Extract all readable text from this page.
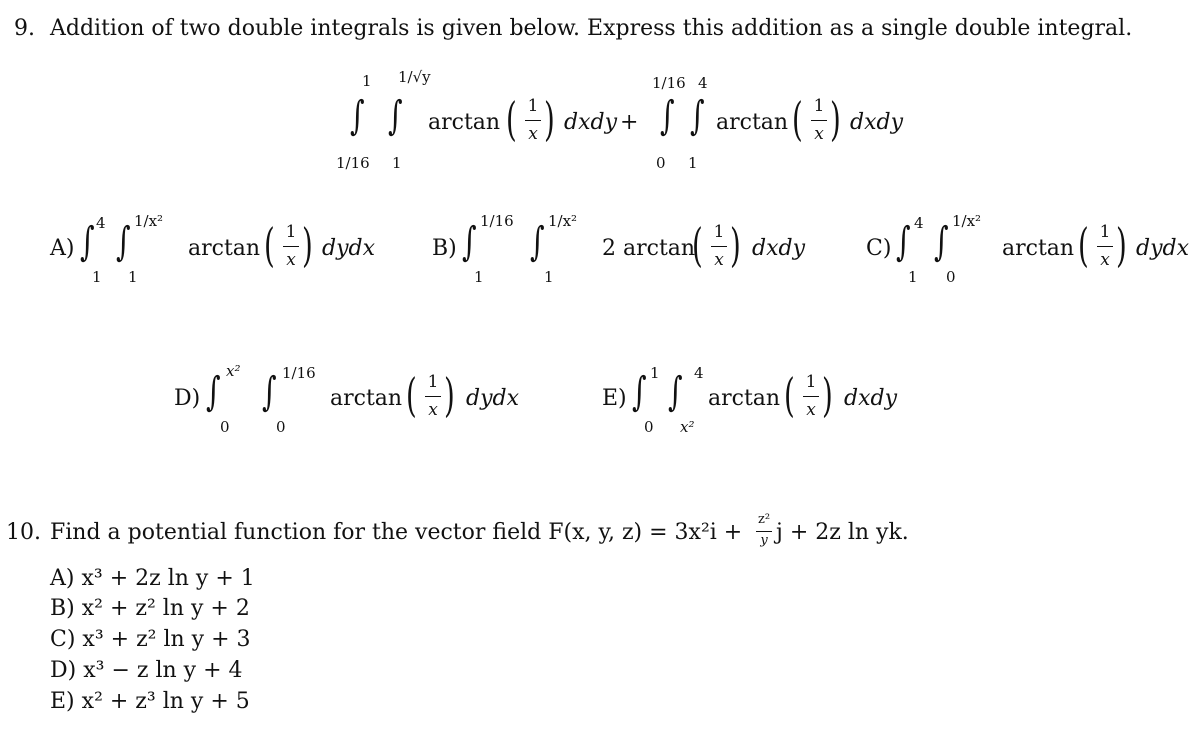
9. Addition of two double integrals is given below. Express this addition as a single double integral.
1 1/√y
∫ ∫
1/16 1
arctan ( 1
x ) dxdy +
1/16 4
∫ ∫
0 1
arctan ( 1
x ) dxdy
A) ∫ 4
1
∫ 1/x²
1
arctan ( 1
x ) dydx	B) ∫ 1/16
1
∫ 1/x²
1
2 arctan
( 1
x ) dxdy	C) ∫ 4
1
∫ 1/x²
0
arctan ( 1
x ) dydx
D) ∫ x²
0
∫ 1/16
0
arctan ( 1
x ) dydx	E) ∫ 1
0
∫ 4
x²
arctan ( 1
x ) dxdy
10. Find a potential function for the vector field F(x, y, z) = 3x²i +
z²
y j + 2z ln yk.
A) x³ + 2z ln y + 1
B) x² + z² ln y + 2
C) x³ + z² ln y + 3
D) x³ − z ln y + 4
E) x² + z³ ln y + 5
